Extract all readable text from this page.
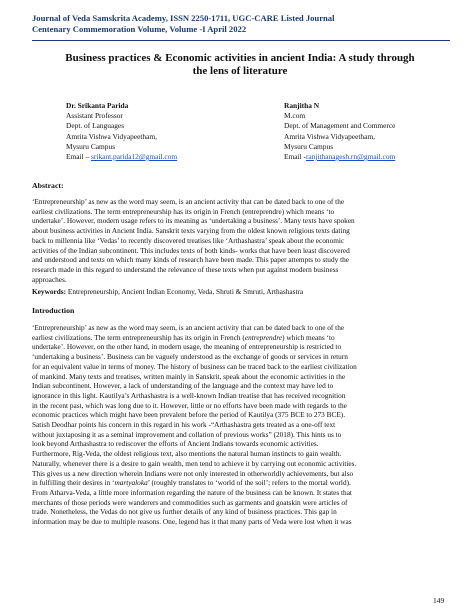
Journal of Veda Samskrita Academy, ISSN 2250-1711, UGC-CARE Listed Journal
Centenary Commemoration Volume, Volume -I April 2022
Business practices & Economic activities in ancient India: A study through
the lens of literature
Dr. Srikanta Parida
Assistant Professor
Dept. of Languages
Amrita Vishwa Vidyapeetham,
Mysuru Campus
Email – srikant.parida12@gmail.com
Ranjitha N
M.com
Dept. of Management and Commerce
Amrita Vishwa Vidyapeetham,
Mysuru Campus
Email -ranjithanagesh.rn@gmail.com
Abstract:

‘Entrepreneurship’ as new as the word may seem, is an ancient activity that can be dated back to one of the

earliest civilizations. The term entrepreneurship has its origin in French (entreprendre) which means ‘to

undertake’. However, modern usage refers to its meaning as ‘undertaking a business’. Many texts have spoken

about business activities in Ancient India. Sanskrit texts varying from the oldest known religious texts dating

back to millennia like ‘Vedas’ to recently discovered treatises like ‘Arthashastra’ speak about the economic

activities of the Indian subcontinent. This includes texts of both kinds- works that have been least discovered

and understood and texts on which many kinds of research have been made. This paper attempts to study the

research made in this regard to understand the relevance of these texts when put against modern business

approaches.

Keywords: Entrepreneurship, Ancient Indian Economy, Veda, Shruti & Smruti, Arthashastra
Introduction

‘Entrepreneurship’ as new as the word may seem, is an ancient activity that can be dated back to one of the

earliest civilizations. The term entrepreneurship has its origin in French (entreprendre) which means ‘to

undertake’. However, on the other hand, in modern usage, the meaning of entrepreneurship is restricted to

‘undertaking a business’. Business can be vaguely understood as the exchange of goods or services in return

for an equivalent value in terms of money. The history of business can be traced back to the earliest civilization

of mankind. Many texts and treatises, written mainly in Sanskrit, speak about the economic activities in the

Indian subcontinent. However, a lack of understanding of the language and the context may have led to

ignorance in this light. Kautilya’s Arthashastra is a well-known Indian treatise that has received recognition

in the recent past, which was long due to it. However, little or no efforts have been made with regards to the

economic practices which might have been prevalent before the period of Kautilya (375 BCE to 273 BCE).

Satish Deodhar points his concern in this regard in his work -“Arthashastra gets treated as a one-off text

without juxtaposing it as a seminal improvement and collation of previous works” (2018). This hints us to

look beyond Arthashastra to rediscover the efforts of Ancient Indians towards economic activities.

Furthermore, Rig-Veda, the oldest religious text, also mentions the natural human instincts to gain wealth.

Naturally, whenever there is a desire to gain wealth, men tend to achieve it by carrying out economic activities.

This gives us a new direction wherein Indians were not only interested in otherworldly achievements, but also

in fulfilling their desires in ‘martyaloka’ (roughly translates to ‘world of the soil’; refers to the mortal world).

From Atharva-Veda, a little more information regarding the nature of the business can be known. It states that

merchants of those periods were wanderers and commodities such as garments and goatskin were articles of

trade. Nonetheless, the Vedas do not give us further details of any kind of business practices. This gap in

information may be due to multiple reasons. One, legend has it that many parts of Veda were lost when it was

149
